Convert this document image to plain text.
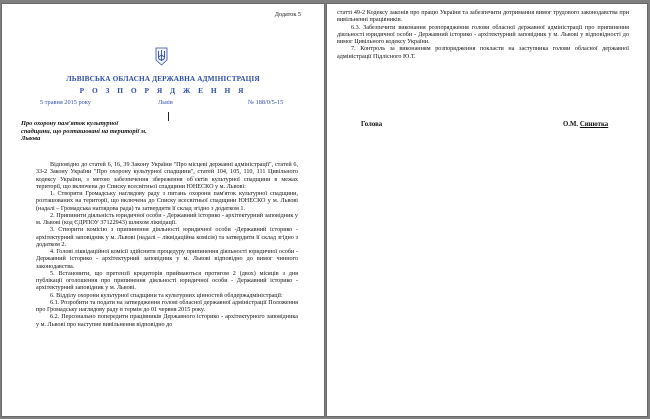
Додаток 5
ЛЬВІВСЬКА ОБЛАСНА ДЕРЖАВНА АДМІНІСТРАЦІЯ
Р О З П О Р Я Д Ж Е Н Н Я
5 травня 2015 року	Львів	№ 188/0/5-15
Про охорону пам'яток культурної спадщини, що розташовані на території м. Львова

Відповідно до статей 6, 16, 39 Закону України "Про місцеві державні адміністрації", статей 6, 33-2 Закону України "Про охорону культурної спадщини", статей 104, 105, 110, 111 Цивільного кодексу України, з метою забезпечення збереження об`єктів культурної спадщини в межах території, що включена до Списку всесвітньої спадщини ЮНЕСКО у м. Львові:

1. Створити Громадську наглядову раду з питань охорони пам'яток культурної спадщини, розташованих на території, що включена до Списку всесвітньої спадщини ЮНЕСКО у м. Львові (надалі – Громадська наглядова рада) та затвердити її склад згідно з додатком 1.

2. Припинити діяльність юридичної особи - Державний історико - архітектурний заповідник у м. Львові (код ЄДРПОУ 37122943) шляхом ліквідації.

3. Створити комісію з припинення діяльності юридичної особи -Державний історико - архітектурний заповідник у м. Львові (надалі – ліквідаційна комісія) та затвердити її склад згідно з додатком 2.

4. Голові ліквідаційної комісії здійснити процедуру припинення діяльності юридичної особи - Державний історико - архітектурний заповідник у м. Львові відповідно до вимог чинного законодавства.

5. Встановити, що претензії кредиторів приймаються протягом 2 (двох) місяців з дня публікації оголошення про припинення діяльності юридичної особи - Державний історико - архітектурний заповідник у м. Львові.

6. Відділу охорони культурної спадщини та культурних цінностей облдержадміністрації:

6.1. Розробити та подати на затвердження голові обласної державної адміністрації Положення про Громадську наглядову раду в термін до 01 червня 2015 року.

6.2. Персонально попередити працівників Державного історико - архітектурного заповідника у м. Львові про наступне вивільнення відповідно до

статті 49-2 Кодексу законів про працю України та забезпечити дотримання вимог трудового законодавства при вивільненні працівників.

6.3. Забезпечити виконання розпорядження голови обласної державної адміністрації про припинення діяльності юридичної особи - Державний історико - архітектурний заповідник у м. Львові у відповідності до вимог Цивільного кодексу України.

7. Контроль за виконанням розпорядження покласти на заступника голови обласної державної адміністрації Підлісного Ю.Т.

Голова	О.М. Синютка
